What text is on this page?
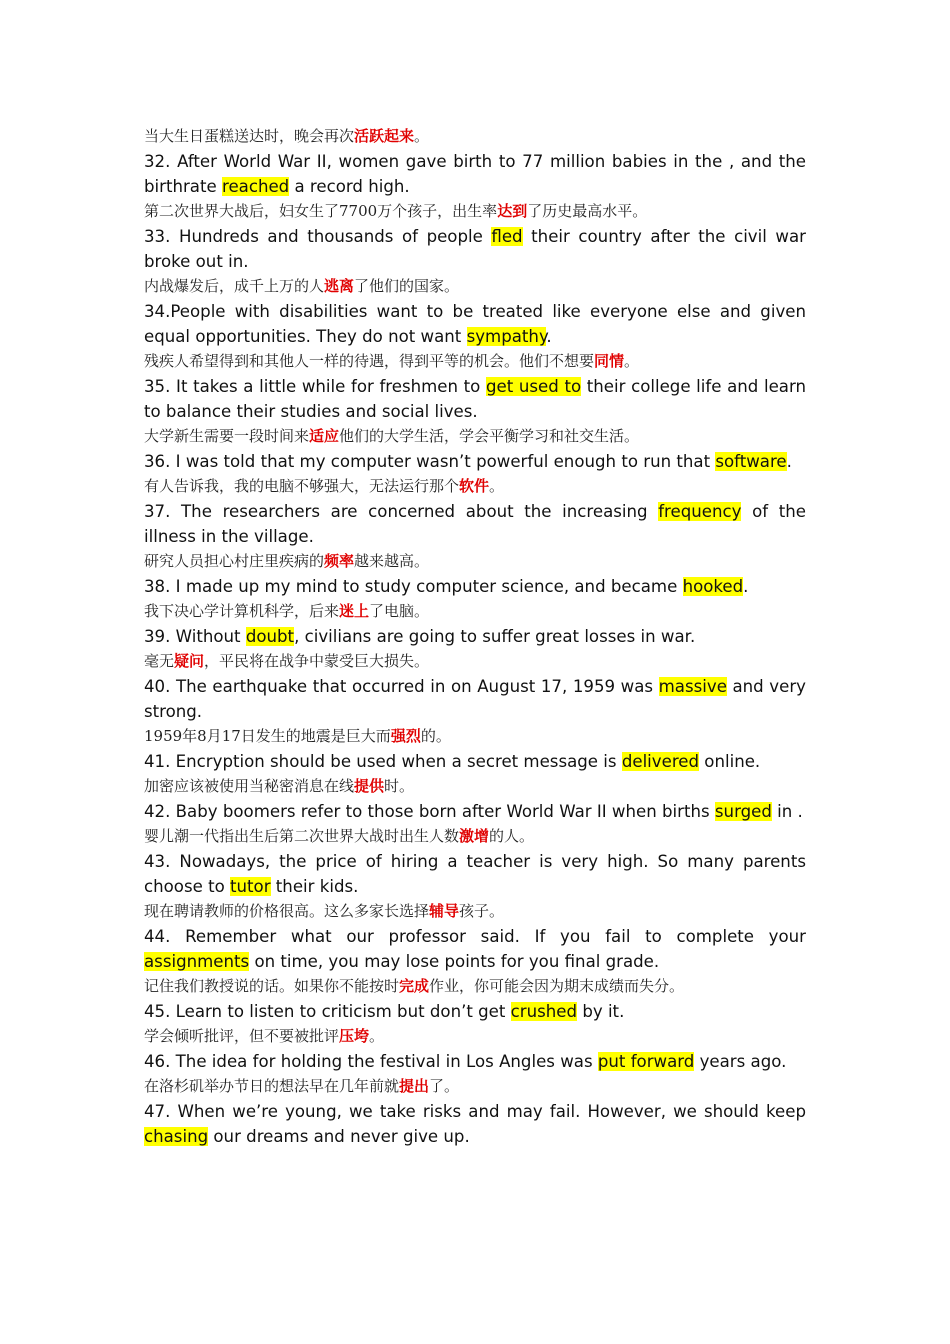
当大生日蛋糕送达时，晚会再次活跃起来。

32. After World War II, women gave birth to 77 million babies in the , and the birthrate reached a record high.

第二次世界大战后，妇女生了7700万个孩子，出生率达到了历史最高水平。

33. Hundreds and thousands of people fled their country after the civil war broke out in.

内战爆发后，成千上万的人逃离了他们的国家。

34.People with disabilities want to be treated like everyone else and given equal opportunities. They do not want sympathy.

残疾人希望得到和其他人一样的待遇，得到平等的机会。他们不想要同情。

35. It takes a little while for freshmen to get used to their college life and learn to balance their studies and social lives.

大学新生需要一段时间来适应他们的大学生活，学会平衡学习和社交生活。

36. I was told that my computer wasn’t powerful enough to run that software.

有人告诉我，我的电脑不够强大，无法运行那个软件。

37. The researchers are concerned about the increasing frequency of the illness in the village.

研究人员担心村庄里疾病的频率越来越高。

38. I made up my mind to study computer science, and became hooked.

我下决心学计算机科学，后来迷上了电脑。

39. Without doubt, civilians are going to suffer great losses in war.

毫无疑问，平民将在战争中蒙受巨大损失。

40. The earthquake that occurred in on August 17, 1959 was massive and very strong.

1959年8月17日发生的地震是巨大而强烈的。

41. Encryption should be used when a secret message is delivered online.

加密应该被使用当秘密消息在线提供时。

42. Baby boomers refer to those born after World War II when births surged in .

婴儿潮一代指出生后第二次世界大战时出生人数激增的人。

43. Nowadays, the price of hiring a teacher is very high. So many parents choose to tutor their kids.

现在聘请教师的价格很高。这么多家长选择辅导孩子。

44. Remember what our professor said. If you fail to complete your assignments on time, you may lose points for you final grade.

记住我们教授说的话。如果你不能按时完成作业，你可能会因为期末成绩而失分。

45. Learn to listen to criticism but don’t get crushed by it.

学会倾听批评，但不要被批评压垮。

46. The idea for holding the festival in Los Angles was put forward years ago.

在洛杉矶举办节日的想法早在几年前就提出了。

47. When we’re young, we take risks and may fail. However, we should keep chasing our dreams and never give up.
